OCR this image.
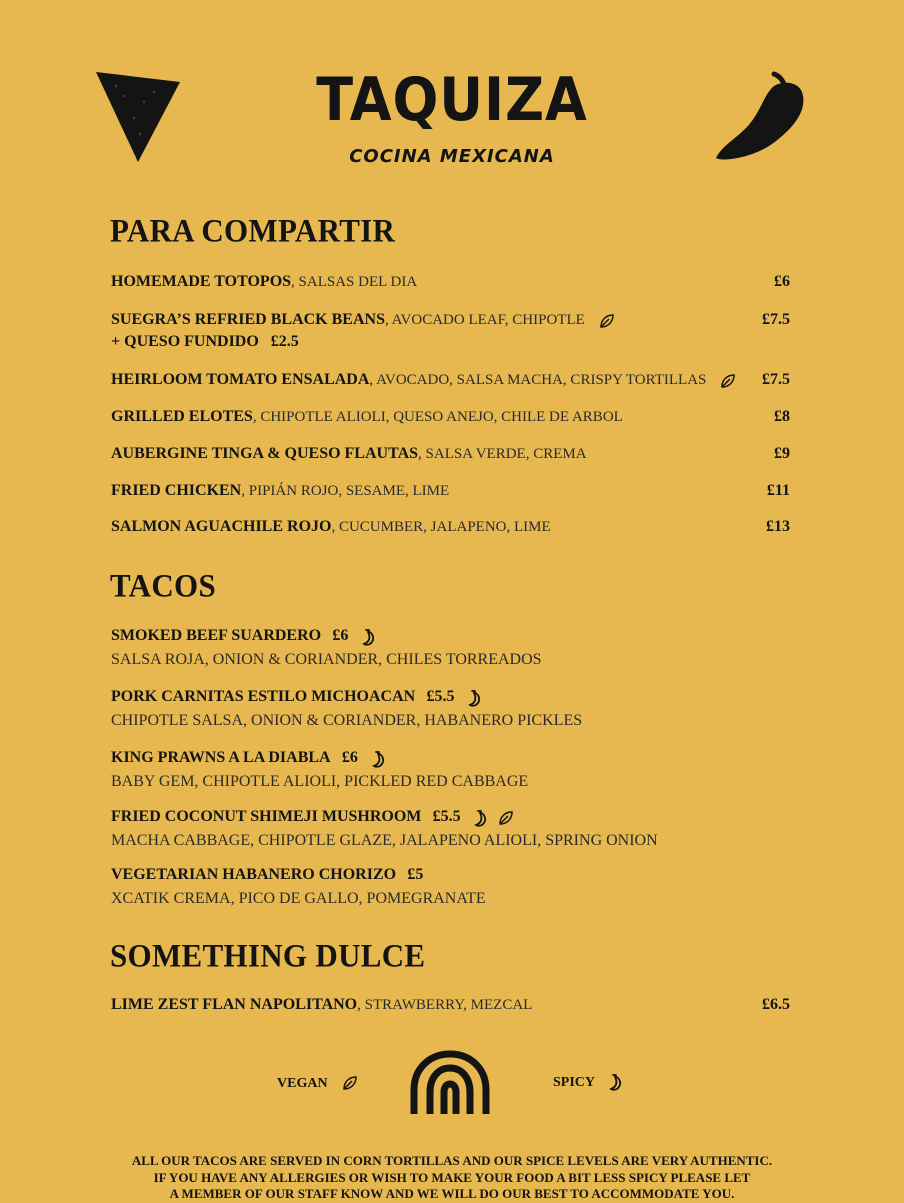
TAQUIZA
COCINA MEXICANA
PARA COMPARTIR
HOMEMADE TOTOPOS, SALSAS DEL DIA	£6
SUEGRA’S REFRIED BLACK BEANS, AVOCADO LEAF, CHIPOTLE	£7.5
+ QUESO FUNDIDO   £2.5
HEIRLOOM TOMATO ENSALADA, AVOCADO, SALSA MACHA, CRISPY TORTILLAS	£7.5
GRILLED ELOTES, CHIPOTLE ALIOLI, QUESO ANEJO, CHILE DE ARBOL	£8
AUBERGINE TINGA & QUESO FLAUTAS, SALSA VERDE, CREMA	£9
FRIED CHICKEN, PIPIÁN ROJO, SESAME, LIME	£11
SALMON AGUACHILE ROJO, CUCUMBER, JALAPENO, LIME	£13
TACOS
SMOKED BEEF SUARDERO £6
SALSA ROJA, ONION & CORIANDER, CHILES TORREADOS
PORK CARNITAS ESTILO MICHOACAN £5.5
CHIPOTLE SALSA, ONION & CORIANDER, HABANERO PICKLES
KING PRAWNS A LA DIABLA £6
BABY GEM, CHIPOTLE ALIOLI, PICKLED RED CABBAGE
FRIED COCONUT SHIMEJI MUSHROOM £5.5
MACHA CABBAGE, CHIPOTLE GLAZE, JALAPENO ALIOLI, SPRING ONION
VEGETARIAN HABANERO CHORIZO £5
XCATIK CREMA, PICO DE GALLO, POMEGRANATE
SOMETHING DULCE
LIME ZEST FLAN NAPOLITANO, STRAWBERRY, MEZCAL	£6.5
VEGAN	SPICY
ALL OUR TACOS ARE SERVED IN CORN TORTILLAS AND OUR SPICE LEVELS ARE VERY AUTHENTIC.
IF YOU HAVE ANY ALLERGIES OR WISH TO MAKE YOUR FOOD A BIT LESS SPICY PLEASE LET
A MEMBER OF OUR STAFF KNOW AND WE WILL DO OUR BEST TO ACCOMMODATE YOU.
